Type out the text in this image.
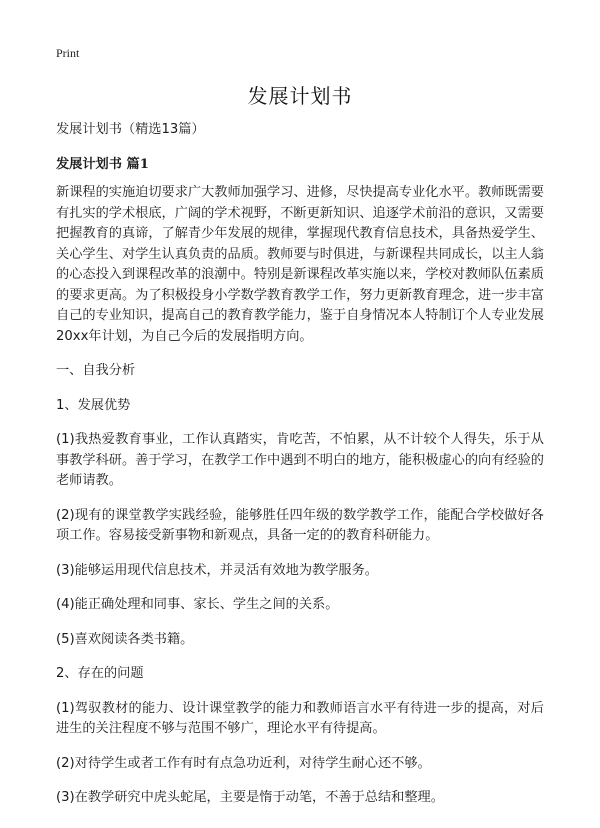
Print
发展计划书
发展计划书（精选13篇）
发展计划书 篇1

新课程的实施迫切要求广大教师加强学习、进修，尽快提高专业化水平。教师既需要有扎实的学术根底，广阔的学术视野，不断更新知识、追逐学术前沿的意识，又需要把握教育的真谛，了解青少年发展的规律，掌握现代教育信息技术，具备热爱学生、关心学生、对学生认真负责的品质。教师要与时俱进，与新课程共同成长，以主人翁的心态投入到课程改革的浪潮中。特别是新课程改革实施以来，学校对教师队伍素质的要求更高。为了积极投身小学数学教育教学工作，努力更新教育理念，进一步丰富自己的专业知识，提高自己的教育教学能力，鉴于自身情况本人特制订个人专业发展20xx年计划，为自己今后的发展指明方向。

一、自我分析
1、发展优势

(1)我热爱教育事业，工作认真踏实，肯吃苦，不怕累，从不计较个人得失，乐于从事教学科研。善于学习，在教学工作中遇到不明白的地方，能积极虚心的向有经验的老师请教。

(2)现有的课堂教学实践经验，能够胜任四年级的数学教学工作，能配合学校做好各项工作。容易接受新事物和新观点，具备一定的的教育科研能力。

(3)能够运用现代信息技术，并灵活有效地为教学服务。

(4)能正确处理和同事、家长、学生之间的关系。

(5)喜欢阅读各类书籍。

2、存在的问题

(1)驾驭教材的能力、设计课堂教学的能力和教师语言水平有待进一步的提高，对后进生的关注程度不够与范围不够广，理论水平有待提高。

(2)对待学生或者工作有时有点急功近利，对待学生耐心还不够。

(3)在教学研究中虎头蛇尾，主要是惰于动笔，不善于总结和整理。
